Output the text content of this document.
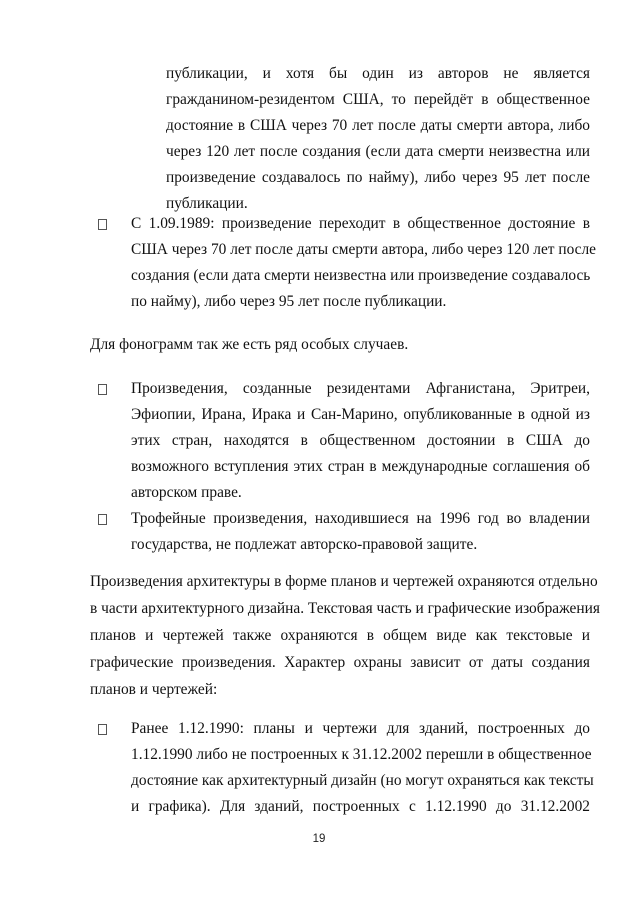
публикации, и хотя бы один из авторов не является
гражданином-резидентом США, то перейдёт в общественное
достояние в США через 70 лет после даты смерти автора, либо
через 120 лет после создания (если дата смерти неизвестна или
произведение создавалось по найму), либо через 95 лет после
публикации.
С 1.09.1989: произведение переходит в общественное достояние в
США через 70 лет после даты смерти автора, либо через 120 лет после
создания (если дата смерти неизвестна или произведение создавалось
по найму), либо через 95 лет после публикации.
Для фонограмм так же есть ряд особых случаев.
Произведения, созданные резидентами Афганистана, Эритреи,
Эфиопии, Ирана, Ирака и Сан-Марино, опубликованные в одной из
этих стран, находятся в общественном достоянии в США до
возможного вступления этих стран в международные соглашения об
авторском праве.
Трофейные произведения, находившиеся на 1996 год во владении
государства, не подлежат авторско-правовой защите.
Произведения архитектуры в форме планов и чертежей охраняются отдельно
в части архитектурного дизайна. Текстовая часть и графические изображения
планов и чертежей также охраняются в общем виде как текстовые и
графические произведения. Характер охраны зависит от даты создания
планов и чертежей:
Ранее 1.12.1990: планы и чертежи для зданий, построенных до
1.12.1990 либо не построенных к 31.12.2002 перешли в общественное
достояние как архитектурный дизайн (но могут охраняться как тексты
и графика). Для зданий, построенных с 1.12.1990 до 31.12.2002
19
